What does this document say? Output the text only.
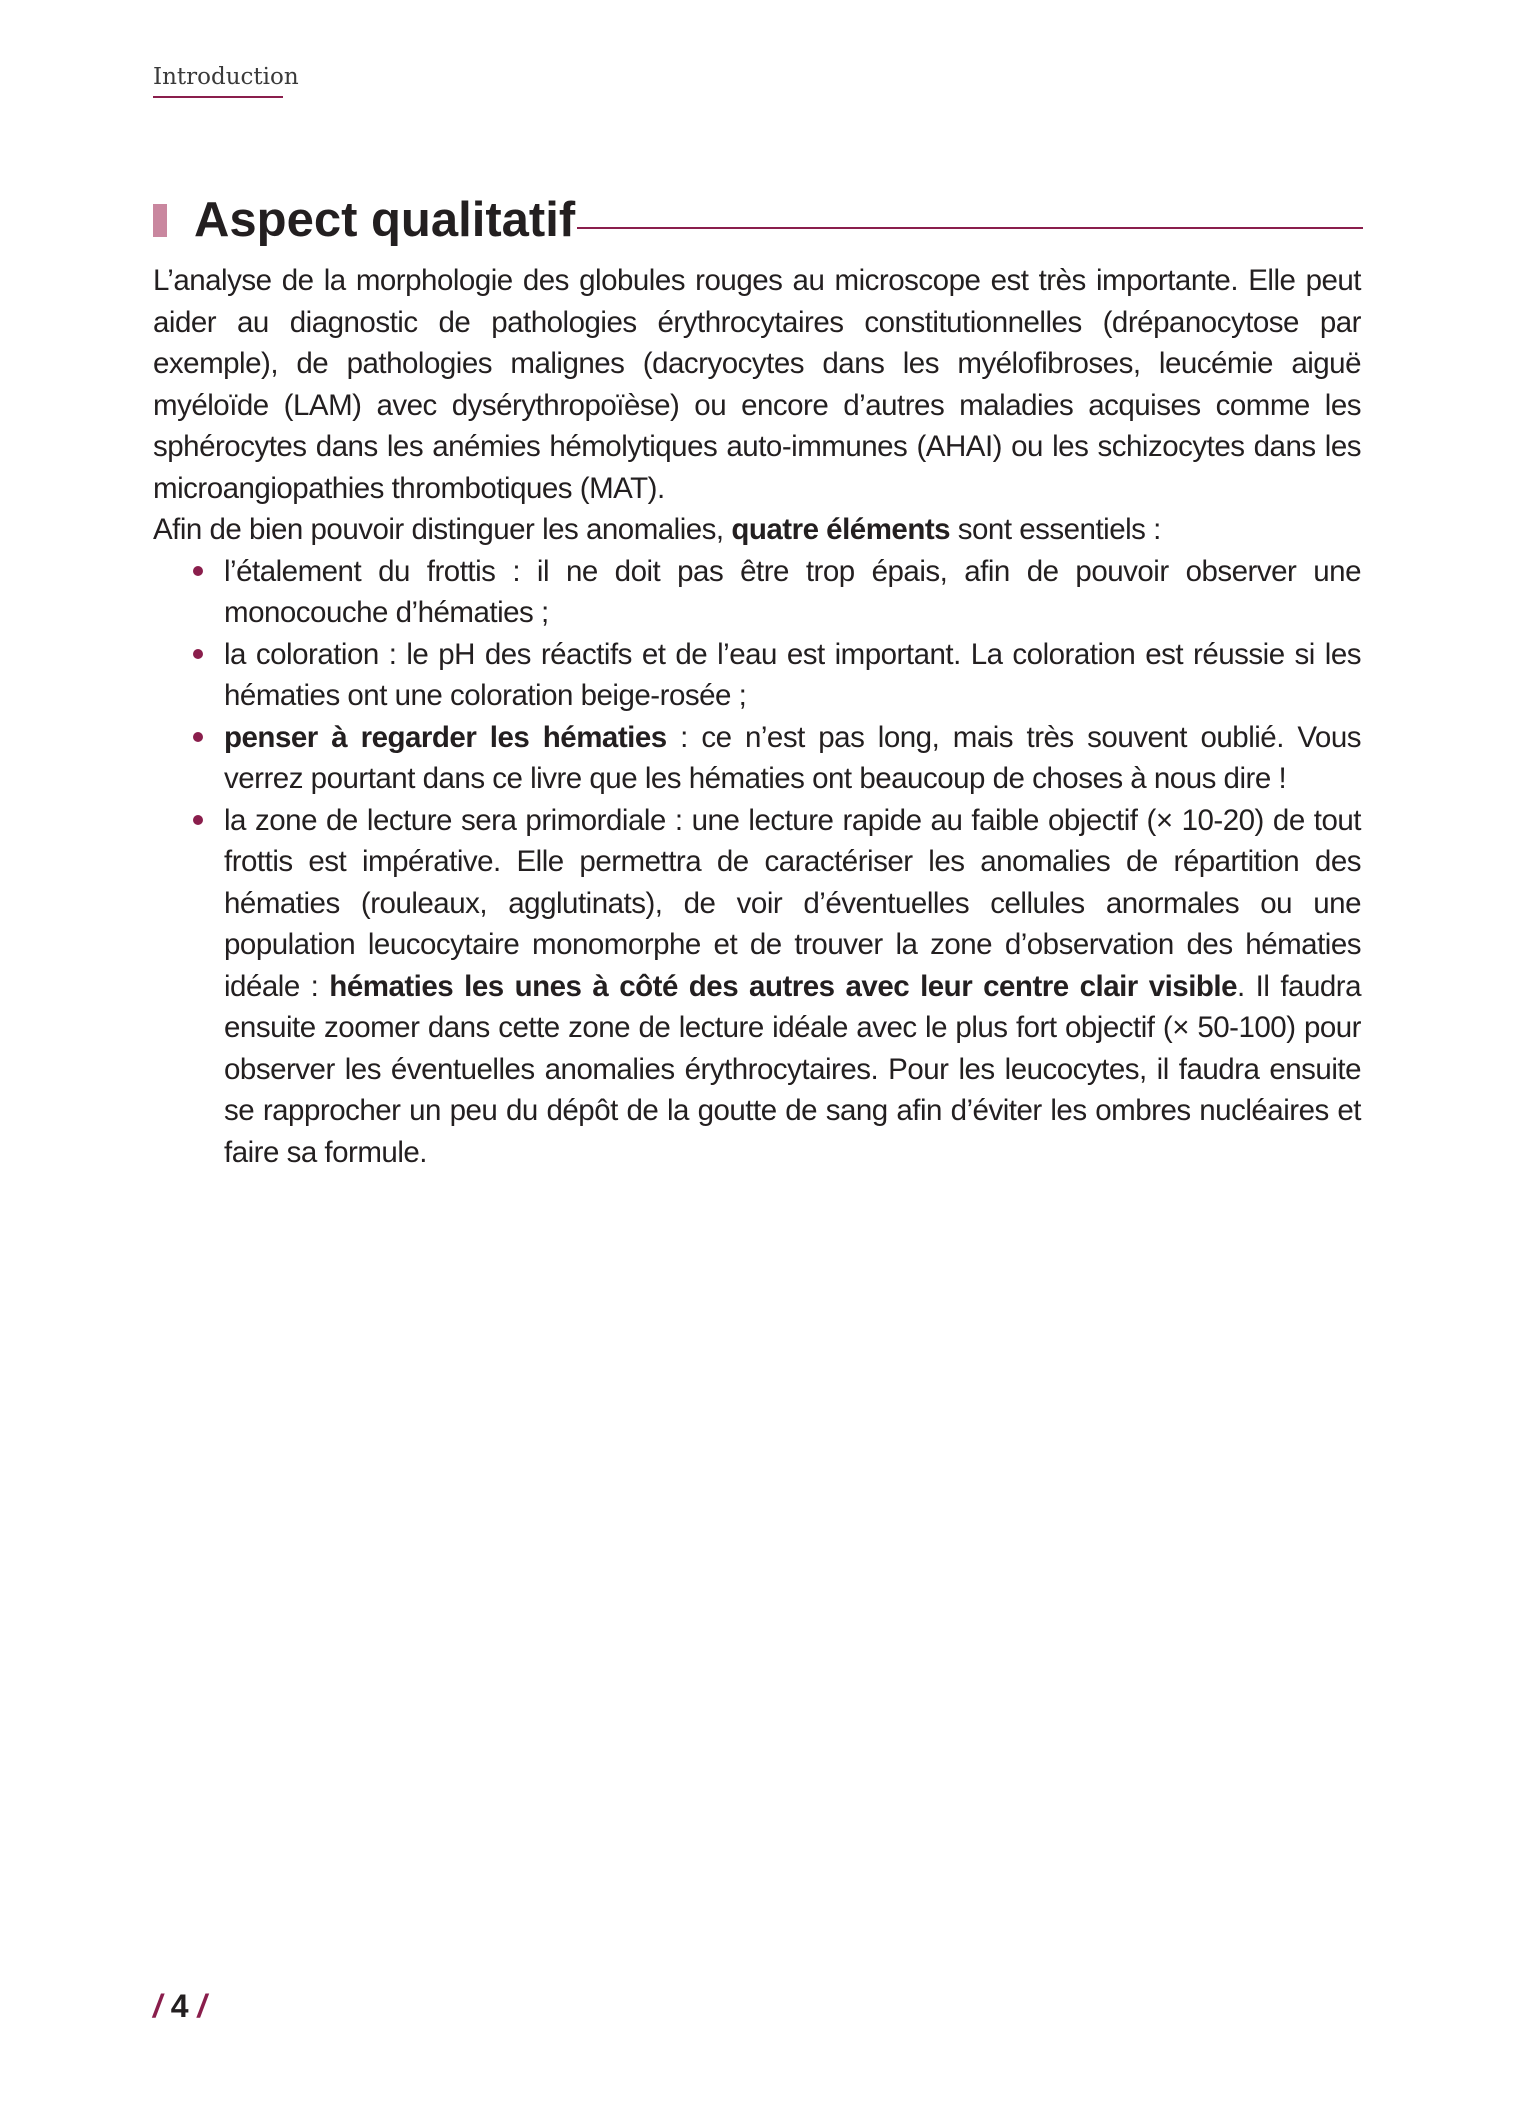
Introduction
Aspect qualitatif

L’analyse de la morphologie des globules rouges au microscope est très importante. Elle peut aider au diagnostic de pathologies érythrocytaires constitutionnelles (drépanocytose par exemple), de pathologies malignes (dacryocytes dans les myélofibroses, leucémie aiguë myéloïde (LAM) avec dysérythropoïèse) ou encore d’autres maladies acquises comme les sphérocytes dans les anémies hémolytiques auto-immunes (AHAI) ou les schizocytes dans les microangiopathies thrombotiques (MAT).

Afin de bien pouvoir distinguer les anomalies, quatre éléments sont essentiels :

l’étalement du frottis : il ne doit pas être trop épais, afin de pouvoir observer une monocouche d’hématies ;
la coloration : le pH des réactifs et de l’eau est important. La coloration est réussie si les hématies ont une coloration beige-rosée ;
penser à regarder les hématies : ce n’est pas long, mais très souvent oublié. Vous verrez pourtant dans ce livre que les hématies ont beaucoup de choses à nous dire !
la zone de lecture sera primordiale : une lecture rapide au faible objectif (× 10-20) de tout frottis est impérative. Elle permettra de caractériser les anomalies de répartition des hématies (rouleaux, agglutinats), de voir d’éventuelles cellules anormales ou une population leucocytaire monomorphe et de trouver la zone d’observation des hématies idéale : hématies les unes à côté des autres avec leur centre clair visible. Il faudra ensuite zoomer dans cette zone de lecture idéale avec le plus fort objectif (× 50-100) pour observer les éventuelles anomalies érythrocytaires. Pour les leucocytes, il faudra ensuite se rapprocher un peu du dépôt de la goutte de sang afin d’éviter les ombres nucléaires et faire sa formule.
/ 4 /
